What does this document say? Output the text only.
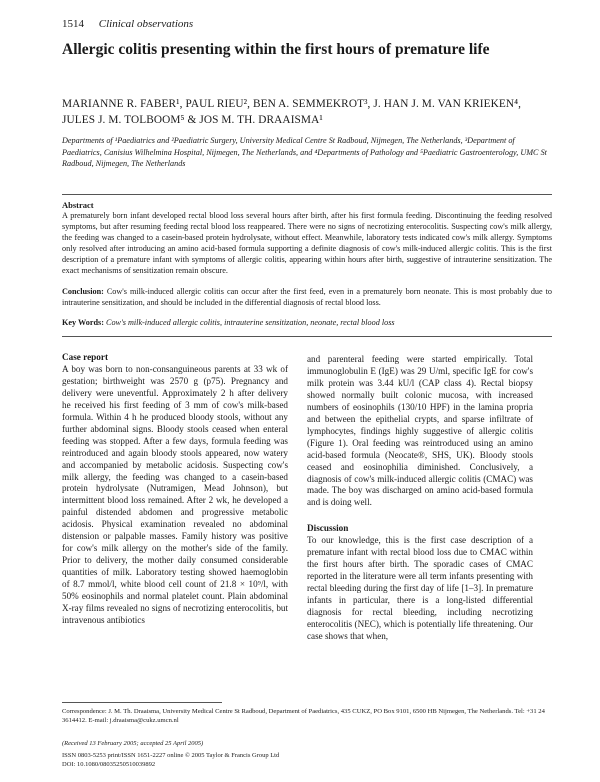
1514 Clinical observations
Allergic colitis presenting within the first hours of premature life
MARIANNE R. FABER¹, PAUL RIEU², BEN A. SEMMEKROT³, J. HAN J. M. VAN KRIEKEN⁴, JULES J. M. TOLBOOM⁵ & JOS M. TH. DRAAISMA¹
Departments of ¹Paediatrics and ²Paediatric Surgery, University Medical Centre St Radboud, Nijmegen, The Netherlands, ³Department of Paediatrics, Canisius Wilhelmina Hospital, Nijmegen, The Netherlands, and ⁴Departments of Pathology and ⁵Paediatric Gastroenterology, UMC St Radboud, Nijmegen, The Netherlands
Abstract
A prematurely born infant developed rectal blood loss several hours after birth, after his first formula feeding. Discontinuing the feeding resolved symptoms, but after resuming feeding rectal blood loss reappeared. There were no signs of necrotizing enterocolitis. Suspecting cow's milk allergy, the feeding was changed to a casein-based protein hydrolysate, without effect. Meanwhile, laboratory tests indicated cow's milk allergy. Symptoms only resolved after introducing an amino acid-based formula supporting a definite diagnosis of cow's milk-induced allergic colitis. This is the first description of a premature infant with symptoms of allergic colitis, appearing within hours after birth, suggestive of intrauterine sensitization. The exact mechanisms of sensitization remain obscure.
Conclusion: Cow's milk-induced allergic colitis can occur after the first feed, even in a prematurely born neonate. This is most probably due to intrauterine sensitization, and should be included in the differential diagnosis of rectal blood loss.
Key Words: Cow's milk-induced allergic colitis, intrauterine sensitization, neonate, rectal blood loss

Case report

A boy was born to non-consanguineous parents at 33 wk of gestation; birthweight was 2570 g (p75). Pregnancy and delivery were uneventful. Approximately 2 h after delivery he received his first feeding of 3 mm of cow's milk-based formula. Within 4 h he produced bloody stools, without any further abdominal signs. Bloody stools ceased when enteral feeding was stopped. After a few days, formula feeding was reintroduced and again bloody stools appeared, now watery and accompanied by metabolic acidosis. Suspecting cow's milk allergy, the feeding was changed to a casein-based protein hydrolysate (Nutramigen, Mead Johnson), but intermittent blood loss remained. After 2 wk, he developed a painful distended abdomen and progressive metabolic acidosis. Physical examination revealed no abdominal distension or palpable masses. Family history was positive for cow's milk allergy on the mother's side of the family. Prior to delivery, the mother daily consumed considerable quantities of milk. Laboratory testing showed haemoglobin of 8.7 mmol/l, white blood cell count of 21.8 × 10⁹/l, with 50% eosinophils and normal platelet count. Plain abdominal X-ray films revealed no signs of necrotizing enterocolitis, but intravenous antibiotics

and parenteral feeding were started empirically. Total immunoglobulin E (IgE) was 29 U/ml, specific IgE for cow's milk protein was 3.44 kU/l (CAP class 4). Rectal biopsy showed normally built colonic mucosa, with increased numbers of eosinophils (130/10 HPF) in the lamina propria and between the epithelial crypts, and sparse infiltrate of lymphocytes, findings highly suggestive of allergic colitis (Figure 1). Oral feeding was reintroduced using an amino acid-based formula (Neocate®, SHS, UK). Bloody stools ceased and eosinophilia diminished. Conclusively, a diagnosis of cow's milk-induced allergic colitis (CMAC) was made. The boy was discharged on amino acid-based formula and is doing well.

Discussion

To our knowledge, this is the first case description of a premature infant with rectal blood loss due to CMAC within the first hours after birth. The sporadic cases of CMAC reported in the literature were all term infants presenting with rectal bleeding during the first day of life [1–3]. In premature infants in particular, there is a long-listed differential diagnosis for rectal bleeding, including necrotizing enterocolitis (NEC), which is potentially life threatening. Our case shows that when,

Correspondence: J. M. Th. Draaisma, University Medical Centre St Radboud, Department of Paediatrics, 435 CUKZ, PO Box 9101, 6500 HB Nijmegen, The Netherlands. Tel: +31 24 3614412. E-mail: j.draaisma@cukz.umcn.nl
(Received 13 February 2005; accepted 25 April 2005)
ISSN 0803-5253 print/ISSN 1651-2227 online © 2005 Taylor & Francis Group Ltd
DOI: 10.1080/08035250510039892
